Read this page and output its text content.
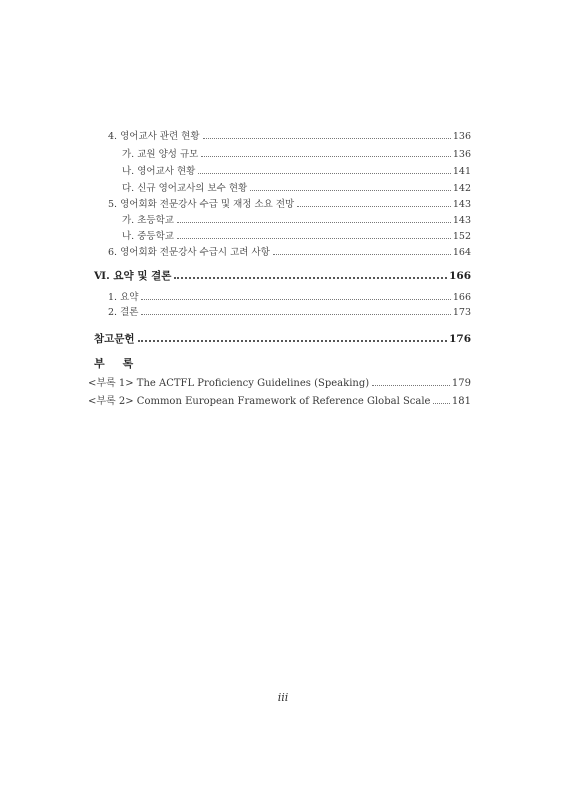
4. 영어교사 관련 현황	136
가. 교원 양성 규모	136
나. 영어교사 현황	141
다. 신규 영어교사의 보수 현황	142
5. 영어회화 전문강사 수급 및 재정 소요 전망	143
가. 초등학교	143
나. 중등학교	152
6. 영어회화 전문강사 수급시 고려 사항	164
Ⅵ. 요약 및 결론	166
1. 요약	166
2. 결론	173
참고문헌	176
부 록
<부록 1> The ACTFL Proficiency Guidelines (Speaking)	179
<부록 2> Common European Framework of Reference Global Scale 181
iii
